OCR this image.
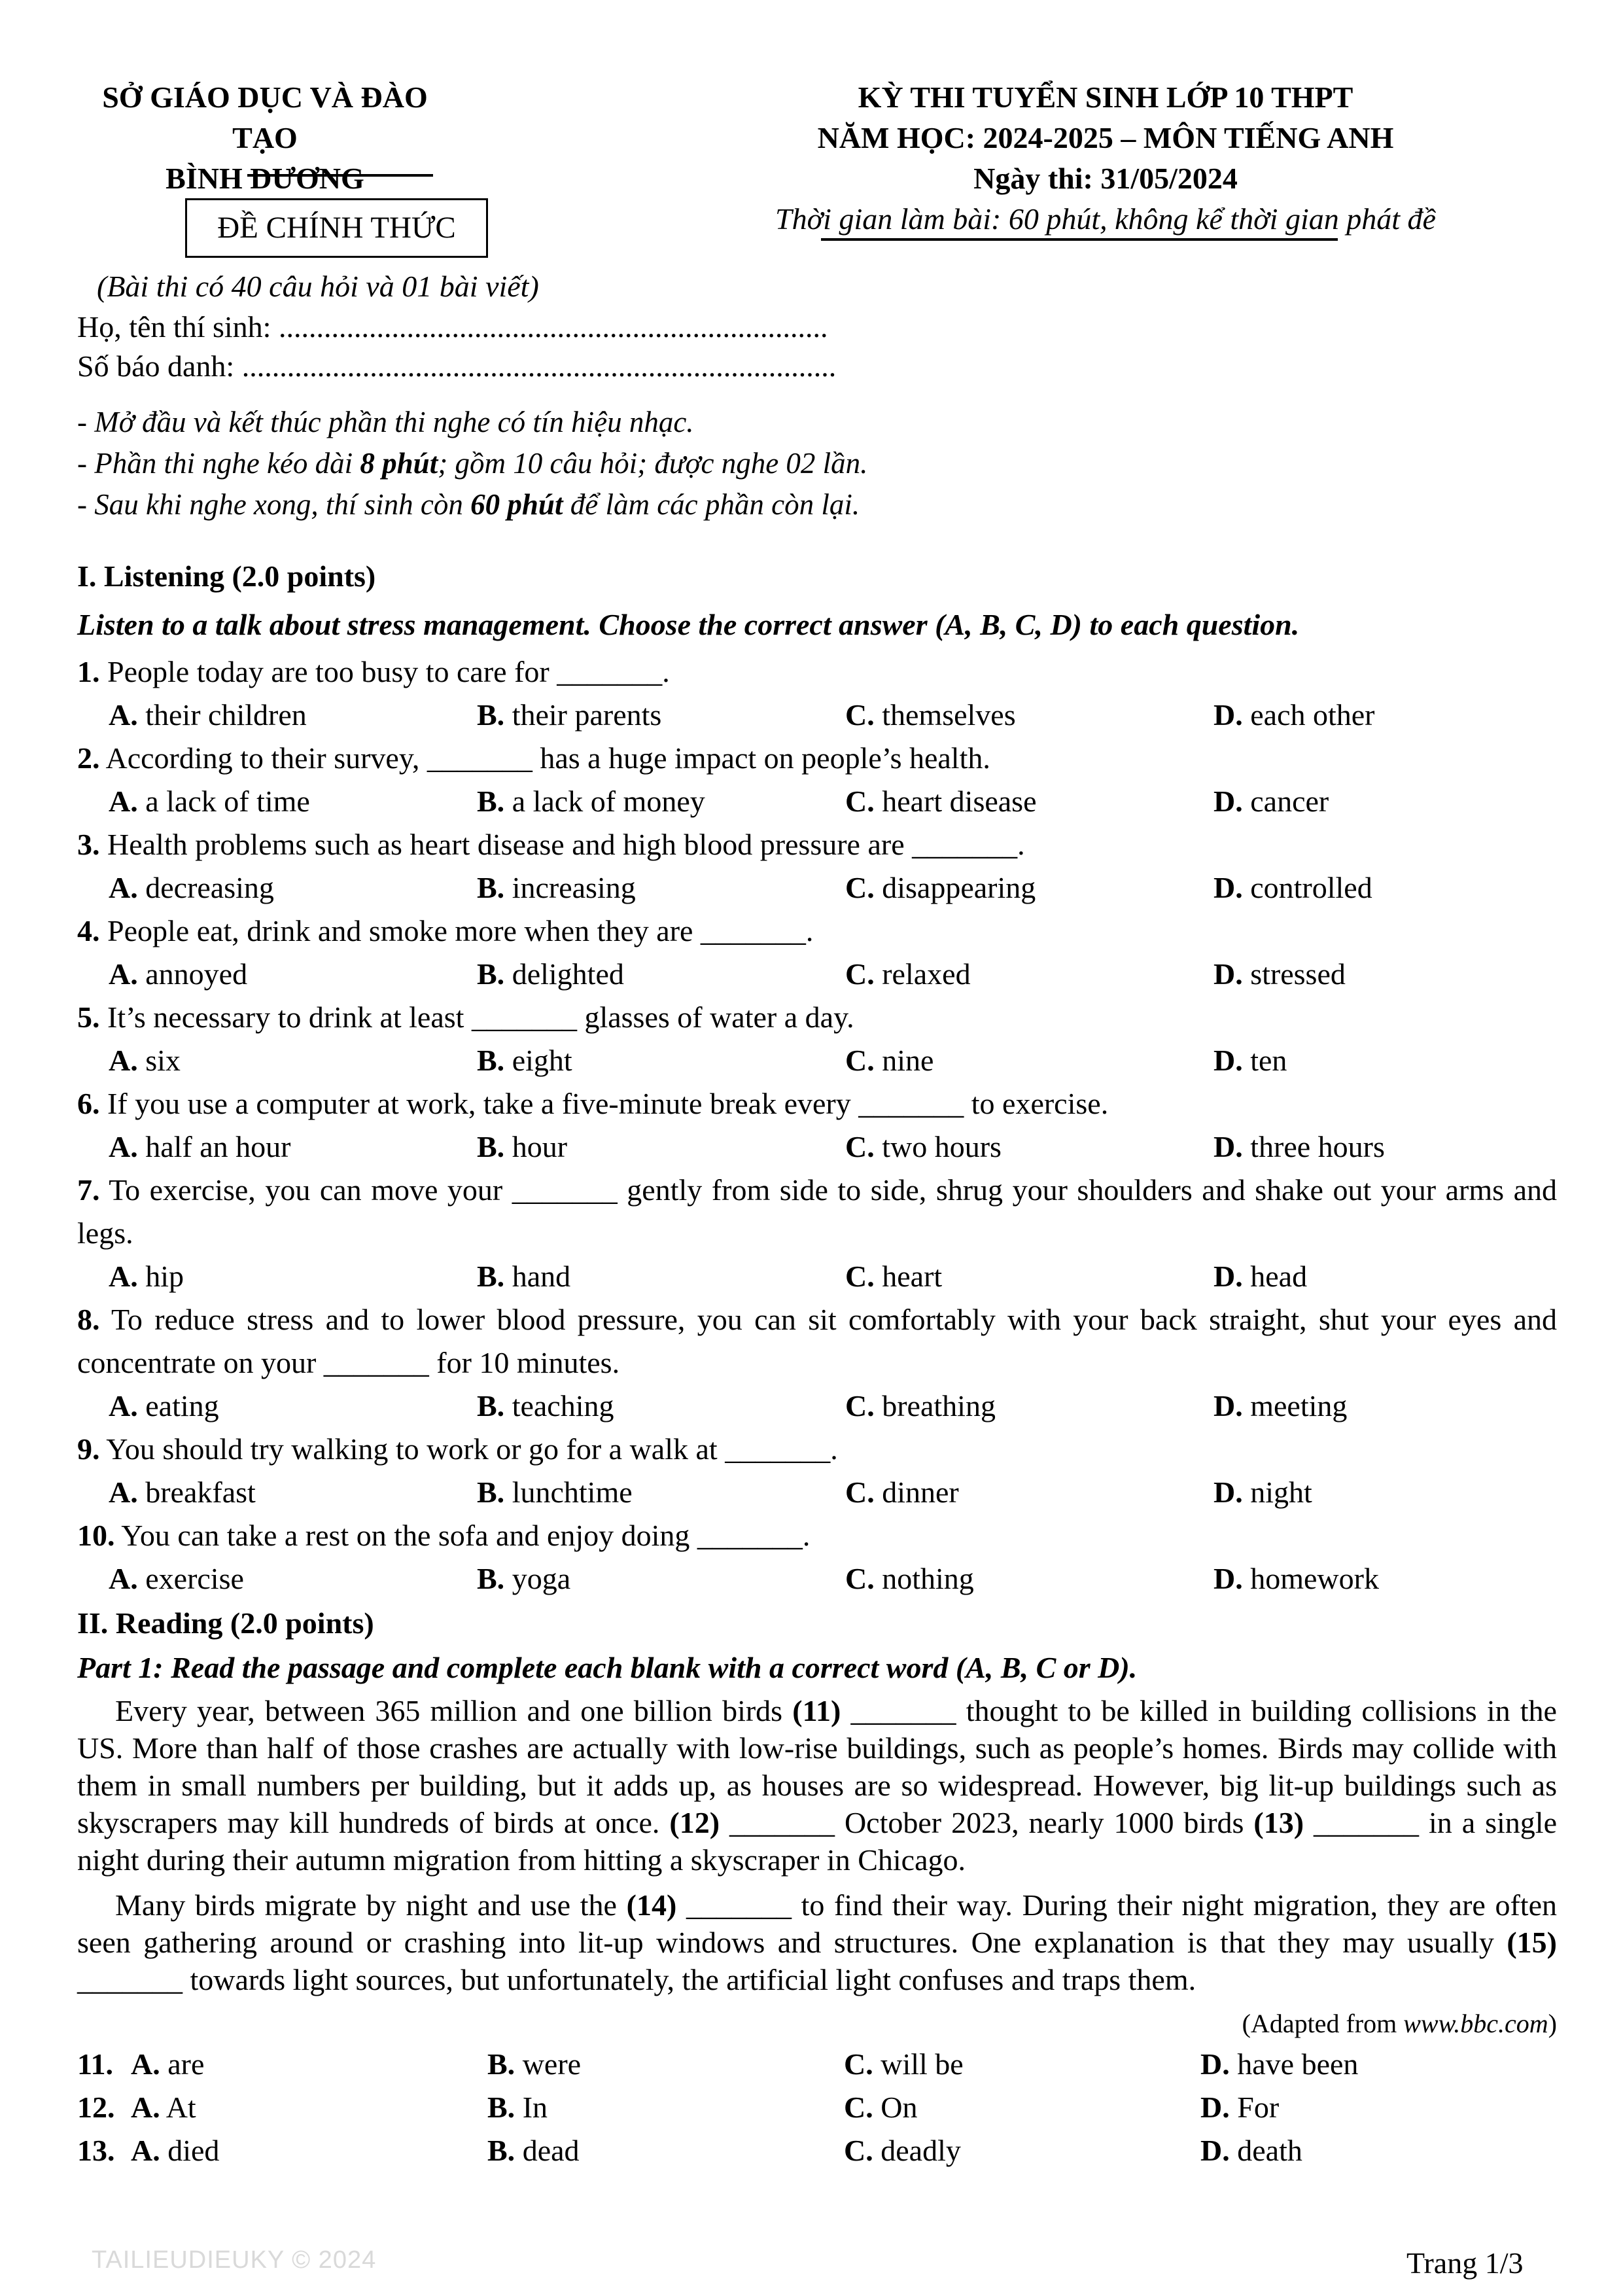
SỞ GIÁO DỤC VÀ ĐÀO TẠO
BÌNH DƯƠNG
ĐỀ CHÍNH THỨC
KỲ THI TUYỂN SINH LỚP 10 THPT
NĂM HỌC: 2024-2025 – MÔN TIẾNG ANH
Ngày thi: 31/05/2024
Thời gian làm bài: 60 phút, không kể thời gian phát đề
(Bài thi có 40 câu hỏi và 01 bài viết)
Họ, tên thí sinh: .........................................................................
Số báo danh: ...............................................................................
- Mở đầu và kết thúc phần thi nghe có tín hiệu nhạc.
- Phần thi nghe kéo dài 8 phút; gồm 10 câu hỏi; được nghe 02 lần.
- Sau khi nghe xong, thí sinh còn 60 phút để làm các phần còn lại.
I. Listening (2.0 points)
Listen to a talk about stress management. Choose the correct answer (A, B, C, D) to each question.
1. People today are too busy to care for _______.
A. their children	B. their parents	C. themselves	D. each other
2. According to their survey, _______ has a huge impact on people’s health.
A. a lack of time	B. a lack of money	C. heart disease	D. cancer
3. Health problems such as heart disease and high blood pressure are _______.
A. decreasing	B. increasing	C. disappearing	D. controlled
4. People eat, drink and smoke more when they are _______.
A. annoyed	B. delighted	C. relaxed	D. stressed
5. It’s necessary to drink at least _______ glasses of water a day.
A. six	B. eight	C. nine	D. ten
6. If you use a computer at work, take a five-minute break every _______ to exercise.
A. half an hour	B. hour	C. two hours	D. three hours
7. To exercise, you can move your _______ gently from side to side, shrug your shoulders and shake out your arms and legs.
A. hip	B. hand	C. heart	D. head
8. To reduce stress and to lower blood pressure, you can sit comfortably with your back straight, shut your eyes and concentrate on your _______ for 10 minutes.
A. eating	B. teaching	C. breathing	D. meeting
9. You should try walking to work or go for a walk at _______.
A. breakfast	B. lunchtime	C. dinner	D. night
10. You can take a rest on the sofa and enjoy doing _______.
A. exercise	B. yoga	C. nothing	D. homework
II. Reading (2.0 points)
Part 1: Read the passage and complete each blank with a correct word (A, B, C or D).
Every year, between 365 million and one billion birds (11) _______ thought to be killed in building collisions in the US. More than half of those crashes are actually with low-rise buildings, such as people’s homes. Birds may collide with them in small numbers per building, but it adds up, as houses are so widespread. However, big lit-up buildings such as skyscrapers may kill hundreds of birds at once. (12) _______ October 2023, nearly 1000 birds (13) _______ in a single night during their autumn migration from hitting a skyscraper in Chicago.
Many birds migrate by night and use the (14) _______ to find their way. During their night migration, they are often seen gathering around or crashing into lit-up windows and structures. One explanation is that they may usually (15) _______ towards light sources, but unfortunately, the artificial light confuses and traps them.
(Adapted from www.bbc.com)
11. A. are	B. were	C. will be	D. have been
12. A. At	B. In	C. On	D. For
13. A. died	B. dead	C. deadly	D. death
TAILIEUDIEUKY © 2024	Trang 1/3
